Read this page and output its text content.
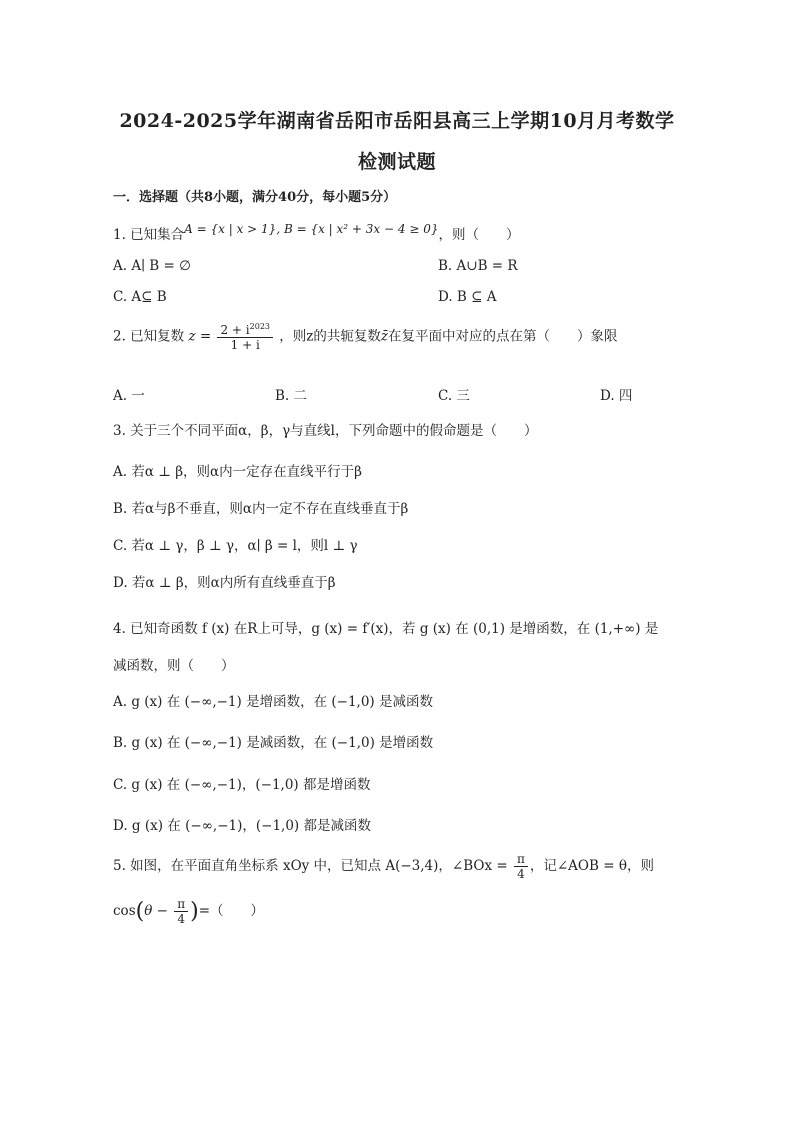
2024-2025学年湖南省岳阳市岳阳县高三上学期10月月考数学
检测试题
一．选择题（共8小题，满分40分，每小题5分）
1. 已知集合A = {x | x > 1}, B = {x | x² + 3x − 4 ≥ 0}，则（　　）
A. A∣ B = ∅	B. A∪B = R
C. A⊆ B	D. B ⊆ A
2. 已知复数 $z = \frac{2 + i^{2023}}{1 + i}$ ，则z的共轭复数z̄在复平面中对应的点在第（　　）象限
A. 一	B. 二	C. 三	D. 四
3. 关于三个不同平面α，β，γ与直线l，下列命题中的假命题是（　　）
A. 若α ⊥ β，则α内一定存在直线平行于β
B. 若α与β不垂直，则α内一定不存在直线垂直于β
C. 若α ⊥ γ，β ⊥ γ，α∣ β = l，则l ⊥ γ
D. 若α ⊥ β，则α内所有直线垂直于β
4. 已知奇函数 f (x) 在R上可导，g (x) = f′(x)，若 g (x) 在 (0,1) 是增函数，在 (1,+∞) 是
减函数，则（　　）
A. g (x) 在 (−∞,−1) 是增函数，在 (−1,0) 是减函数
B. g (x) 在 (−∞,−1) 是减函数，在 (−1,0) 是增函数
C. g (x) 在 (−∞,−1)，(−1,0) 都是增函数
D. g (x) 在 (−∞,−1)，(−1,0) 都是减函数
5. 如图，在平面直角坐标系 xOy 中，已知点 A(−3,4)，∠BOx = $\frac{\pi}{4}$ ，记∠AOB = θ，则
$\cos(\theta - \frac{\pi}{4}$ )=（　　）
